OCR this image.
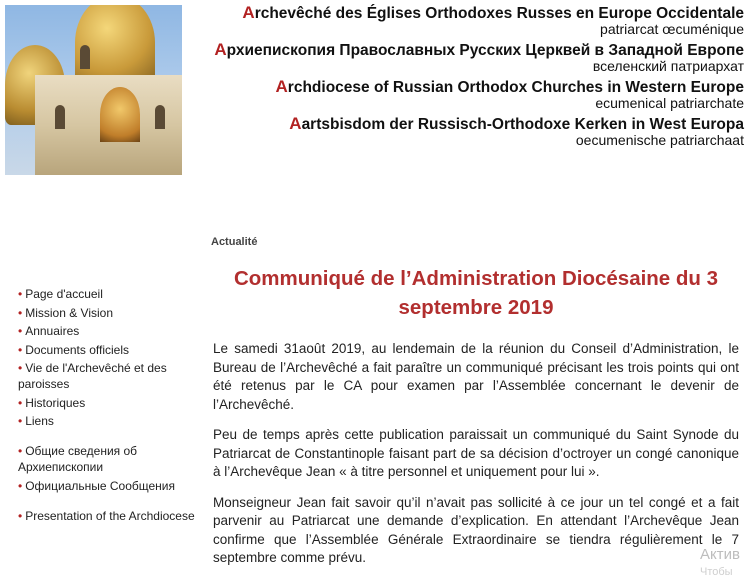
Archevêché des Églises Orthodoxes Russes en Europe Occidentale
patriarcat œcuménique
Архиепископия Православных Русских Церквей в Западной Европе
вселенский патриархат
Archdiocese of Russian Orthodox Churches in Western Europe
ecumenical patriarchate
Aartsbisdom der Russisch-Orthodoxe Kerken in West Europa
oecumenische patriarchaat
• Page d'accueil
• Mission & Vision
• Annuaires
• Documents officiels
• Vie de l'Archevêché et des paroisses
• Historiques
• Liens
• Общие сведения об Архиепископии
• Официальные Сообщения
• Presentation of the Archdiocese
Actualité
Communiqué de l’Administration Diocésaine du 3 septembre 2019

Le samedi 31août 2019, au lendemain de la réunion du Conseil d’Administration, le Bureau de l’Archevêché a fait paraître un communiqué précisant les trois points qui ont été retenus par le CA pour examen par l’Assemblée concernant le devenir de l’Archevêché.

Peu de temps après cette publication paraissait un communiqué du Saint Synode du Patriarcat de Constantinople faisant part de sa décision d’octroyer un congé canonique à l’Archevêque Jean « à titre personnel et uniquement pour lui ».

Monseigneur Jean fait savoir qu’il n’avait pas sollicité à ce jour un tel congé et a fait parvenir au Patriarcat une demande d’explication. En attendant l’Archevêque Jean confirme que l’Assemblée Générale Extraordinaire se tiendra régulièrement le 7 septembre comme prévu.	Актив
Чтобы
